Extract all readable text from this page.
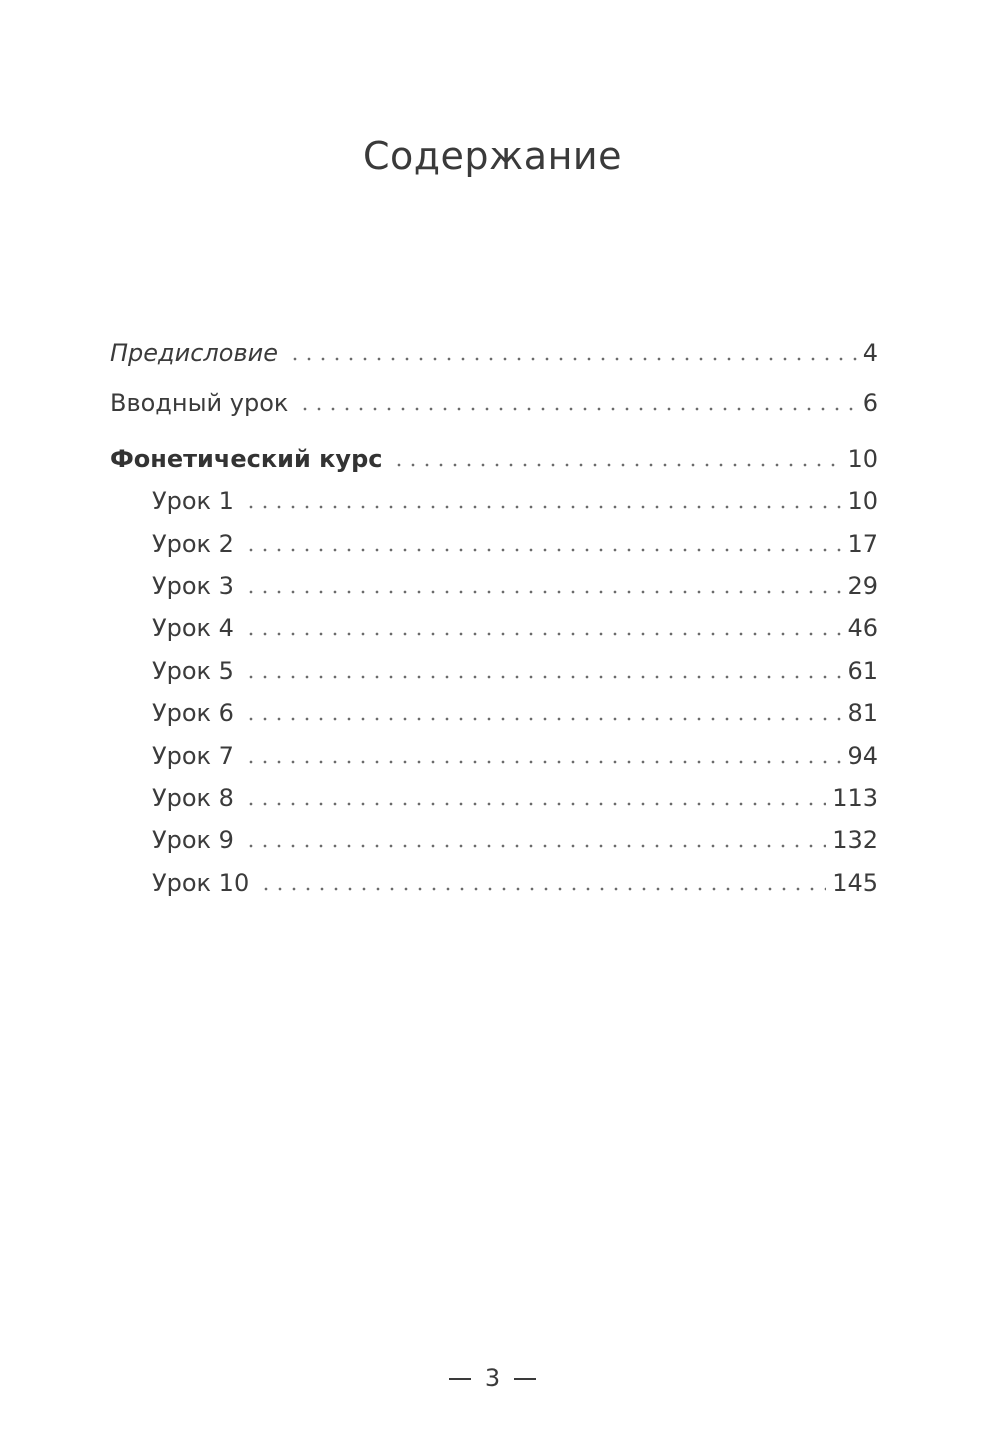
Содержание
Предисловие	4
Вводный урок	6
Фонетический курс	10
Урок 1	10
Урок 2	17
Урок 3	29
Урок 4	46
Урок 5	61
Урок 6	81
Урок 7	94
Урок 8	113
Урок 9	132
Урок 10	145
3
